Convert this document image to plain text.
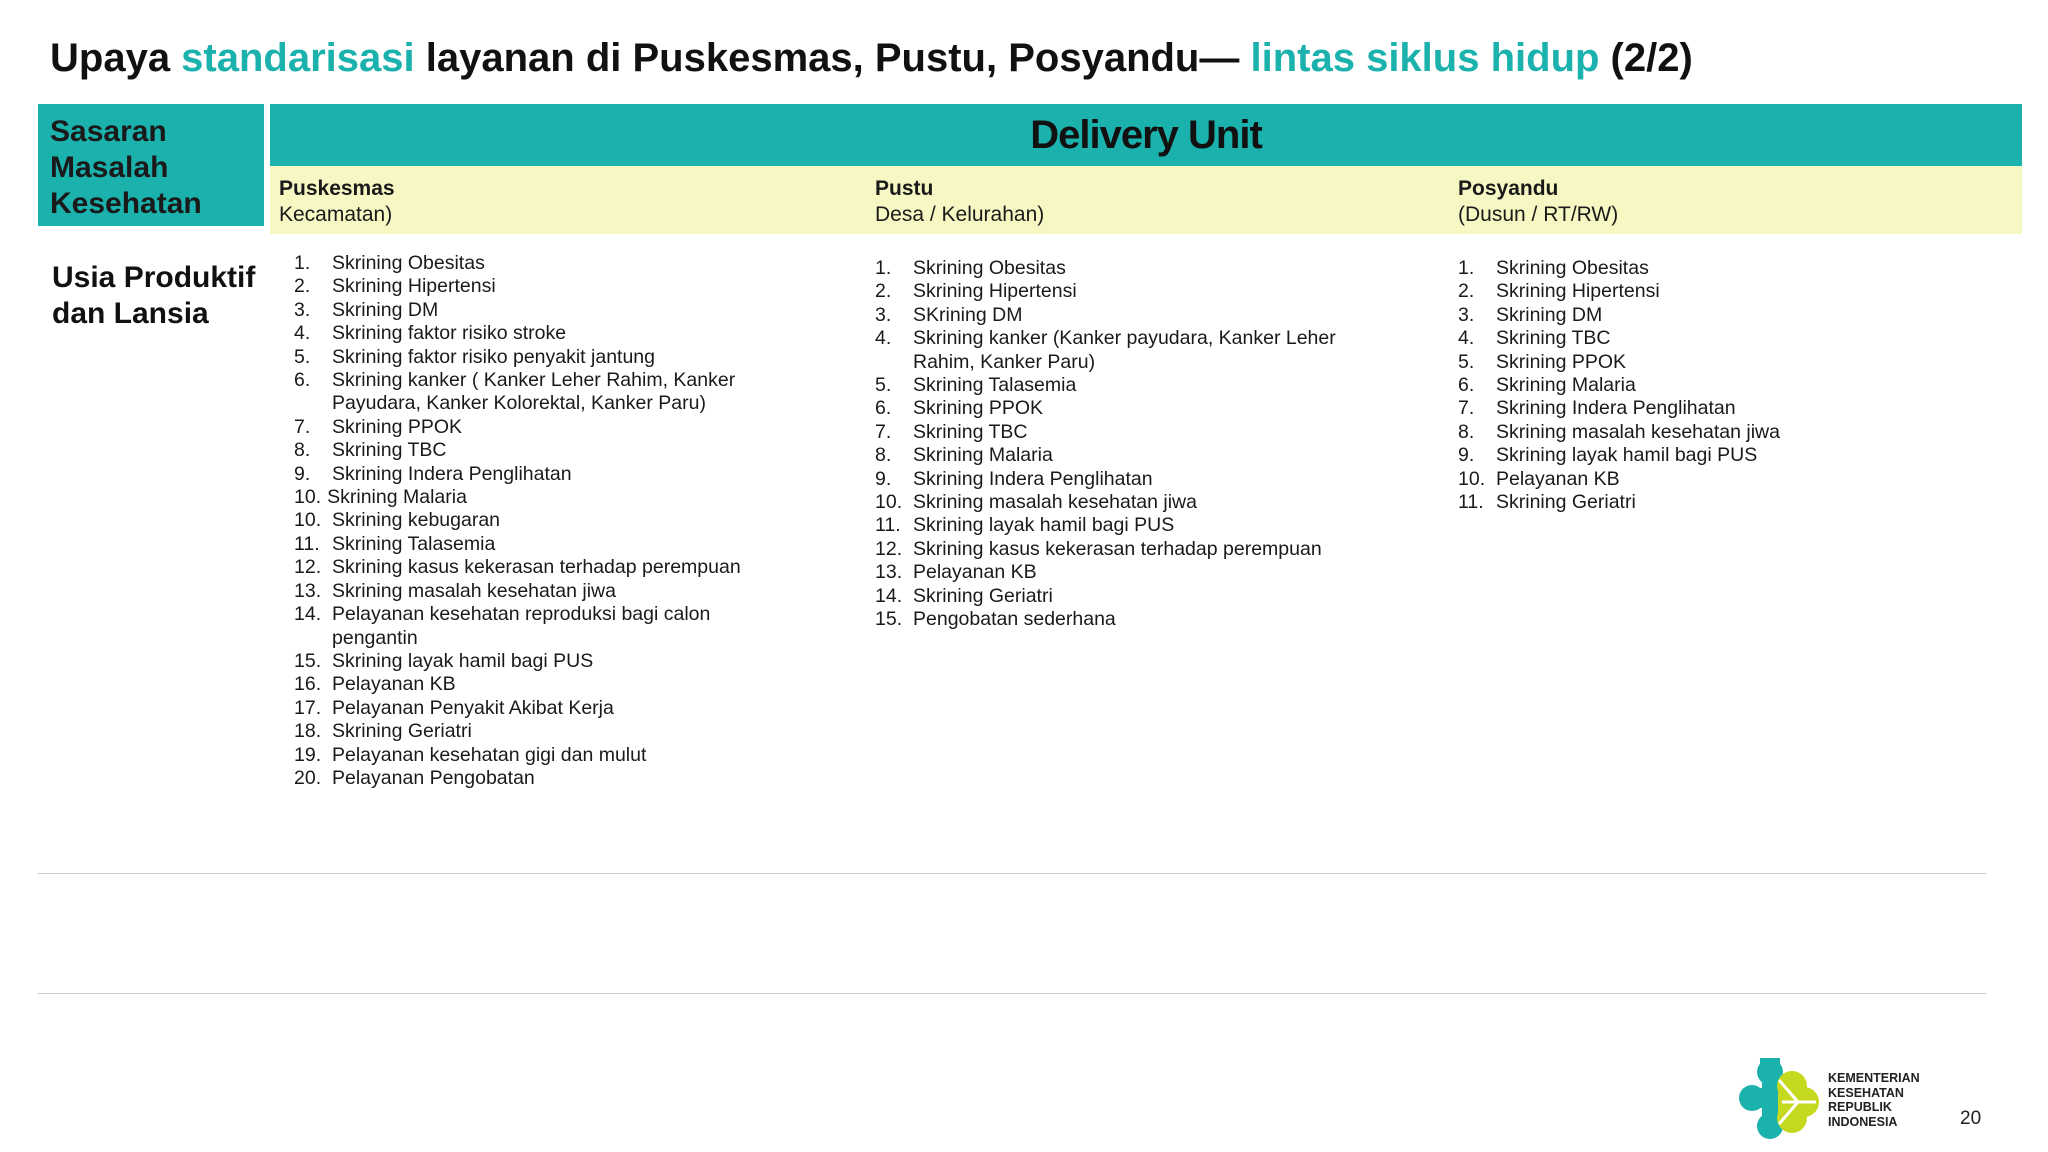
Upaya standarisasi layanan di Puskesmas, Pustu, Posyandu— lintas siklus hidup (2/2)
Sasaran
Masalah
Kesehatan
Delivery Unit
Puskesmas
Kecamatan)
Pustu
Desa / Kelurahan)
Posyandu
(Dusun / RT/RW)
Usia Produktif
dan Lansia
1. Skrining Obesitas
2. Skrining Hipertensi
3. Skrining DM
4. Skrining faktor risiko stroke
5. Skrining faktor risiko penyakit jantung
6. Skrining kanker ( Kanker Leher Rahim, Kanker Payudara, Kanker Kolorektal, Kanker Paru)
7. Skrining PPOK
8. Skrining TBC
9. Skrining Indera Penglihatan
10. Skrining Malaria
10. Skrining kebugaran
11. Skrining Talasemia
12. Skrining kasus kekerasan terhadap perempuan
13. Skrining masalah kesehatan jiwa
14. Pelayanan kesehatan reproduksi bagi calon pengantin
15. Skrining layak hamil bagi PUS
16. Pelayanan KB
17. Pelayanan Penyakit Akibat Kerja
18. Skrining Geriatri
19. Pelayanan kesehatan gigi dan mulut
20. Pelayanan Pengobatan
1. Skrining Obesitas
2. Skrining Hipertensi
3. SKrining DM
4. Skrining kanker (Kanker payudara, Kanker Leher Rahim, Kanker Paru)
5. Skrining Talasemia
6. Skrining PPOK
7. Skrining TBC
8. Skrining Malaria
9. Skrining Indera Penglihatan
10. Skrining masalah kesehatan jiwa
11. Skrining layak hamil bagi PUS
12. Skrining kasus kekerasan terhadap perempuan
13. Pelayanan KB
14. Skrining Geriatri
15. Pengobatan sederhana
1. Skrining Obesitas
2. Skrining Hipertensi
3. Skrining DM
4. Skrining TBC
5. Skrining PPOK
6. Skrining Malaria
7. Skrining Indera Penglihatan
8. Skrining masalah kesehatan jiwa
9. Skrining layak hamil bagi PUS
10. Pelayanan KB
11. Skrining Geriatri
KEMENTERIAN
KESEHATAN
REPUBLIK
INDONESIA	20
